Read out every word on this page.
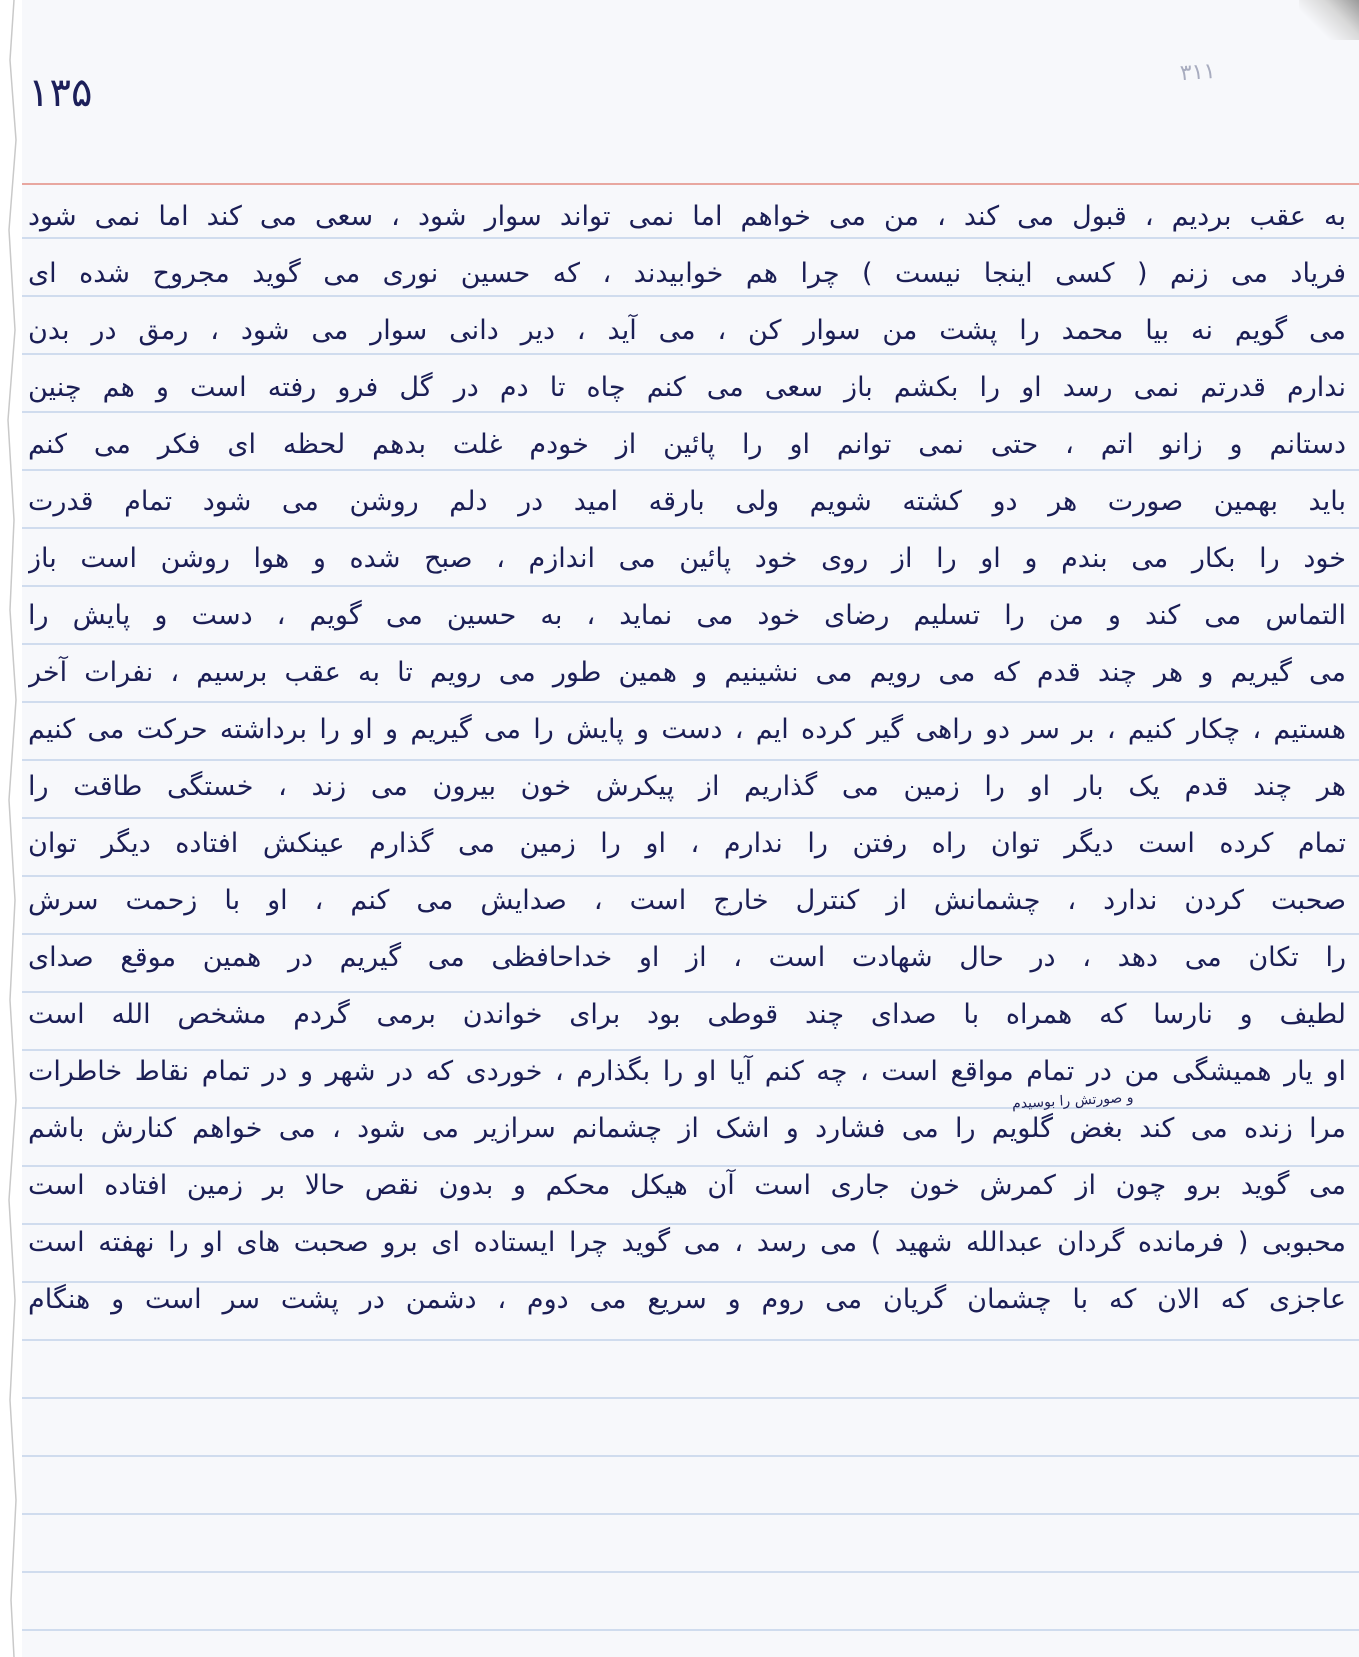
۱۳۵	۳۱۱
و صورتش را بوسیدم
به عقب بردیم ، قبول می کند ، من می خواهم اما نمی تواند سوار شود ، سعی می کند اما نمی شود
فریاد می زنم ( کسی اینجا نیست ) چرا هم خوابیدند ، که حسین نوری می گوید مجروح شده ای
می گویم نه بیا محمد را پشت من سوار کن ، می آید ، دیر دانی سوار می شود ، رمق در بدن
ندارم قدرتم نمی رسد او را بکشم باز سعی می کنم چاه تا دم در گل فرو رفته است و هم چنین
دستانم و زانو اتم ، حتی نمی توانم او را پائین از خودم غلت بدهم لحظه ای فکر می کنم
باید بهمین صورت هر دو کشته شویم ولی بارقه امید در دلم روشن می شود تمام قدرت
خود را بکار می بندم و او را از روی خود پائین می اندازم ، صبح شده و هوا روشن است باز
التماس می کند و من را تسلیم رضای خود می نماید ، به حسین می گویم ، دست و پایش را
می گیریم و هر چند قدم که می رویم می نشینیم و همین طور می رویم تا به عقب برسیم ، نفرات آخر
هستیم ، چکار کنیم ، بر سر دو راهی گیر کرده ایم ، دست و پایش را می گیریم و او را برداشته حرکت می کنیم
هر چند قدم یک بار او را زمین می گذاریم از پیکرش خون بیرون می زند ، خستگی طاقت را
تمام کرده است دیگر توان راه رفتن را ندارم ، او را زمین می گذارم عینکش افتاده دیگر توان
صحبت کردن ندارد ، چشمانش از کنترل خارج است ، صدایش می کنم ، او با زحمت سرش
را تکان می دهد ، در حال شهادت است ، از او خداحافظی می گیریم در همین موقع صدای
لطیف و نارسا که همراه با صدای چند قوطی بود برای خواندن برمی گردم مشخص الله است
او یار همیشگی من در تمام مواقع است ، چه کنم آیا او را بگذارم ، خوردی که در شهر و در تمام نقاط خاطرات
مرا زنده می کند بغض گلویم را می فشارد و اشک از چشمانم سرازیر می شود ، می خواهم کنارش باشم
می گوید برو چون از کمرش خون جاری است آن هیکل محکم و بدون نقص حالا بر زمین افتاده است
محبوبی ( فرمانده گردان عبدالله شهید ) می رسد ، می گوید چرا ایستاده ای برو صحبت های او را نهفته است
عاجزی که الان که با چشمان گریان می روم و سریع می دوم ، دشمن در پشت سر است و هنگام
